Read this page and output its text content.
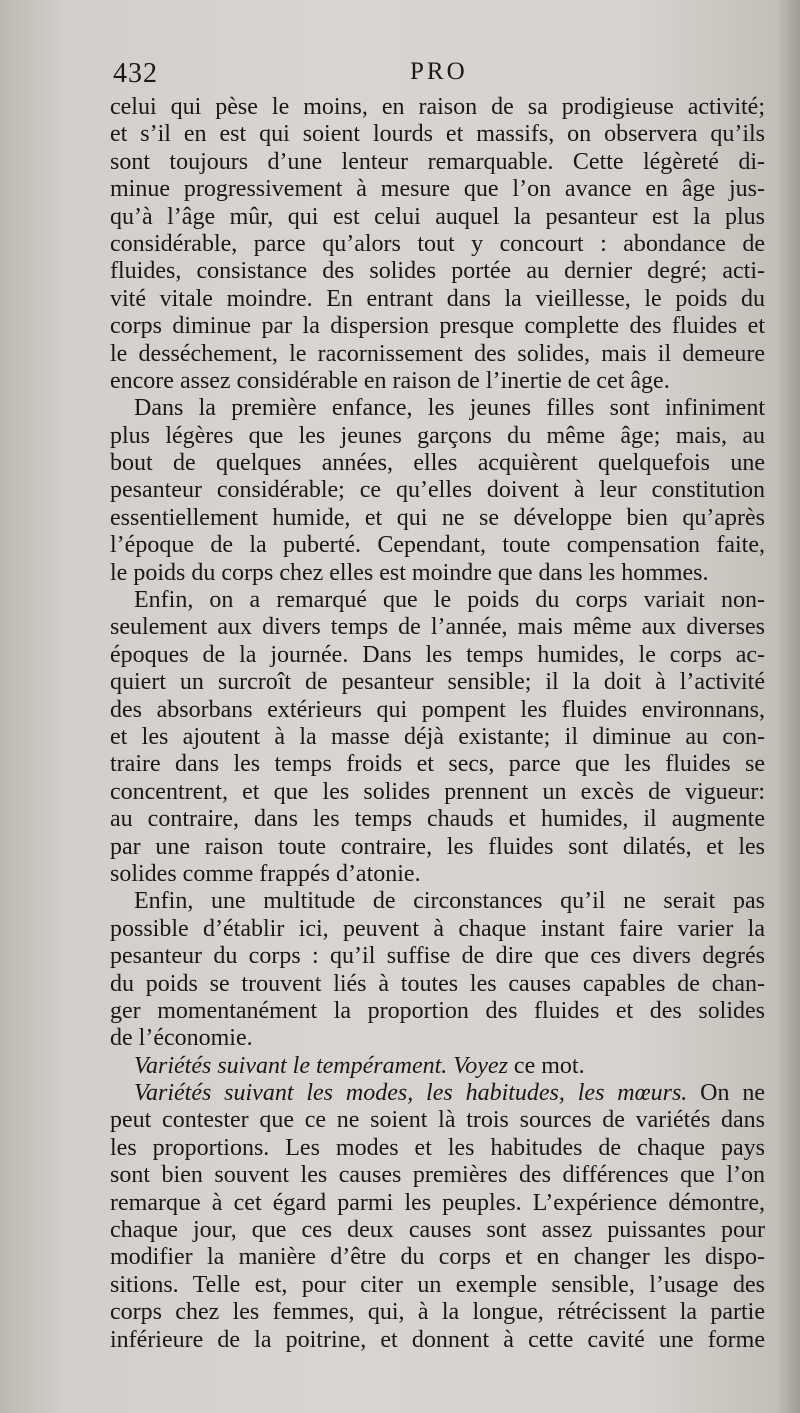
432	PRO
celui qui pèse le moins, en raison de sa prodigieuse activité;
et s’il en est qui soient lourds et massifs, on observera qu’ils
sont toujours d’une lenteur remarquable. Cette légèreté di-
minue progressivement à mesure que l’on avance en âge jus-
qu’à l’âge mûr, qui est celui auquel la pesanteur est la plus
considérable, parce qu’alors tout y concourt : abondance de
fluides, consistance des solides portée au dernier degré; acti-
vité vitale moindre. En entrant dans la vieillesse, le poids du
corps diminue par la dispersion presque complette des fluides et
le desséchement, le racornissement des solides, mais il demeure
encore assez considérable en raison de l’inertie de cet âge.
Dans la première enfance, les jeunes filles sont infiniment
plus légères que les jeunes garçons du même âge; mais, au
bout de quelques années, elles acquièrent quelquefois une
pesanteur considérable; ce qu’elles doivent à leur constitution
essentiellement humide, et qui ne se développe bien qu’après
l’époque de la puberté. Cependant, toute compensation faite,
le poids du corps chez elles est moindre que dans les hommes.
Enfin, on a remarqué que le poids du corps variait non-
seulement aux divers temps de l’année, mais même aux diverses
époques de la journée. Dans les temps humides, le corps ac-
quiert un surcroît de pesanteur sensible; il la doit à l’activité
des absorbans extérieurs qui pompent les fluides environnans,
et les ajoutent à la masse déjà existante; il diminue au con-
traire dans les temps froids et secs, parce que les fluides se
concentrent, et que les solides prennent un excès de vigueur:
au contraire, dans les temps chauds et humides, il augmente
par une raison toute contraire, les fluides sont dilatés, et les
solides comme frappés d’atonie.
Enfin, une multitude de circonstances qu’il ne serait pas
possible d’établir ici, peuvent à chaque instant faire varier la
pesanteur du corps : qu’il suffise de dire que ces divers degrés
du poids se trouvent liés à toutes les causes capables de chan-
ger momentanément la proportion des fluides et des solides
de l’économie.
Variétés suivant le tempérament. Voyez ce mot.
Variétés suivant les modes, les habitudes, les mœurs. On ne
peut contester que ce ne soient là trois sources de variétés dans
les proportions. Les modes et les habitudes de chaque pays
sont bien souvent les causes premières des différences que l’on
remarque à cet égard parmi les peuples. L’expérience démontre,
chaque jour, que ces deux causes sont assez puissantes pour
modifier la manière d’être du corps et en changer les dispo-
sitions. Telle est, pour citer un exemple sensible, l’usage des
corps chez les femmes, qui, à la longue, rétrécissent la partie
inférieure de la poitrine, et donnent à cette cavité une forme
